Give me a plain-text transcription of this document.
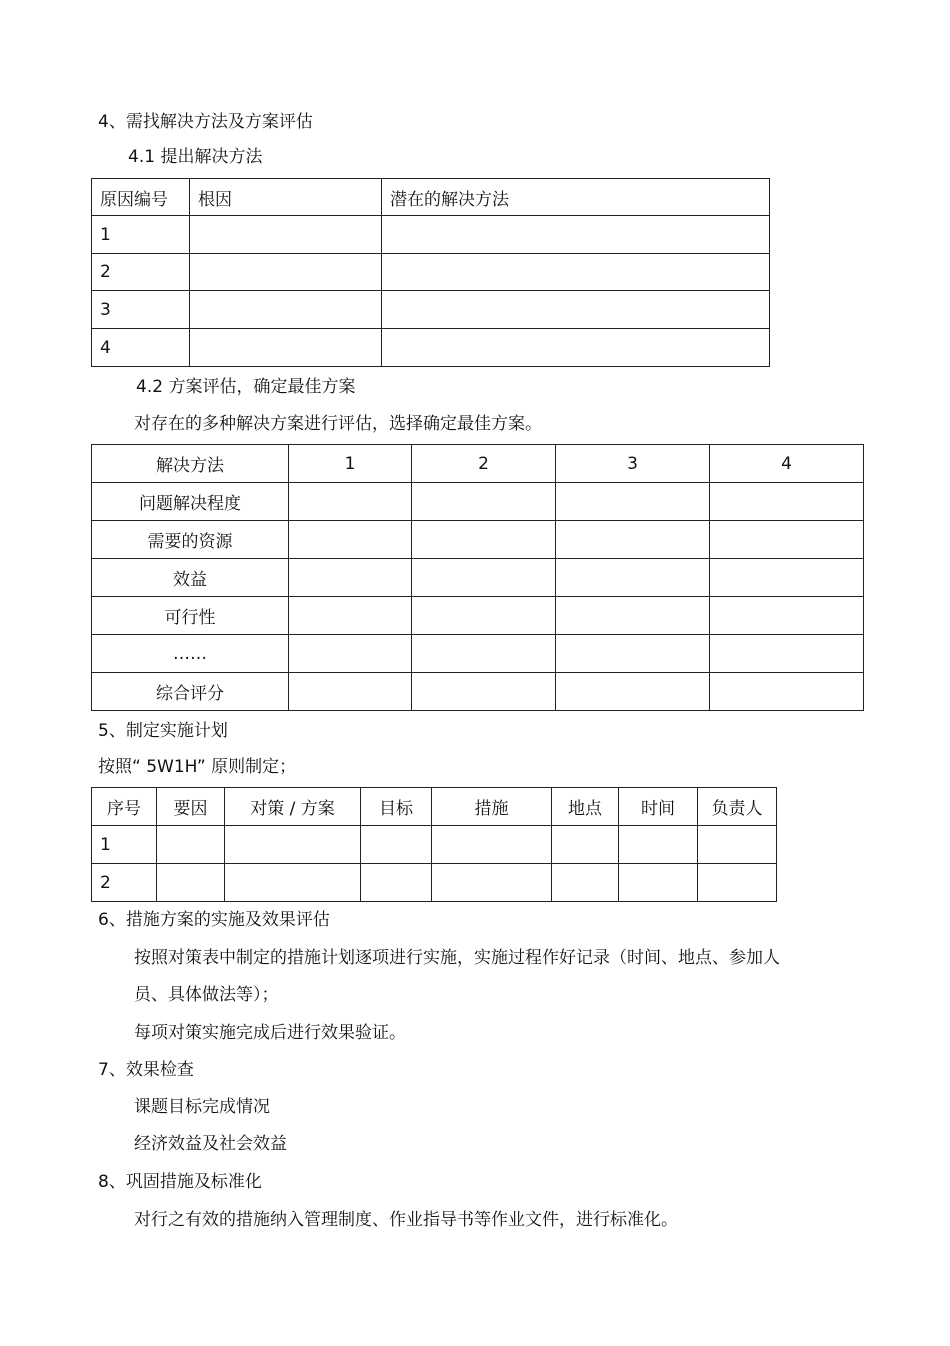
4、需找解决方法及方案评估
4.1 提出解决方法
原因编号	根因	潜在的解决方法
1		
2		
3		
4		
4.2 方案评估，确定最佳方案
对存在的多种解决方案进行评估，选择确定最佳方案。
解决方法	1	2	3	4
问题解决程度				
需要的资源				
效益				
可行性				
……				
综合评分				
5、制定实施计划
按照“ 5W1H” 原则制定；
序号	要因	对策 / 方案	目标	措施	地点	时间	负责人
1							
2							
6、措施方案的实施及效果评估
按照对策表中制定的措施计划逐项进行实施，实施过程作好记录（时间、地点、参加人
员、具体做法等）；
每项对策实施完成后进行效果验证。
7、效果检查
课题目标完成情况
经济效益及社会效益
8、巩固措施及标准化
对行之有效的措施纳入管理制度、作业指导书等作业文件，进行标准化。
